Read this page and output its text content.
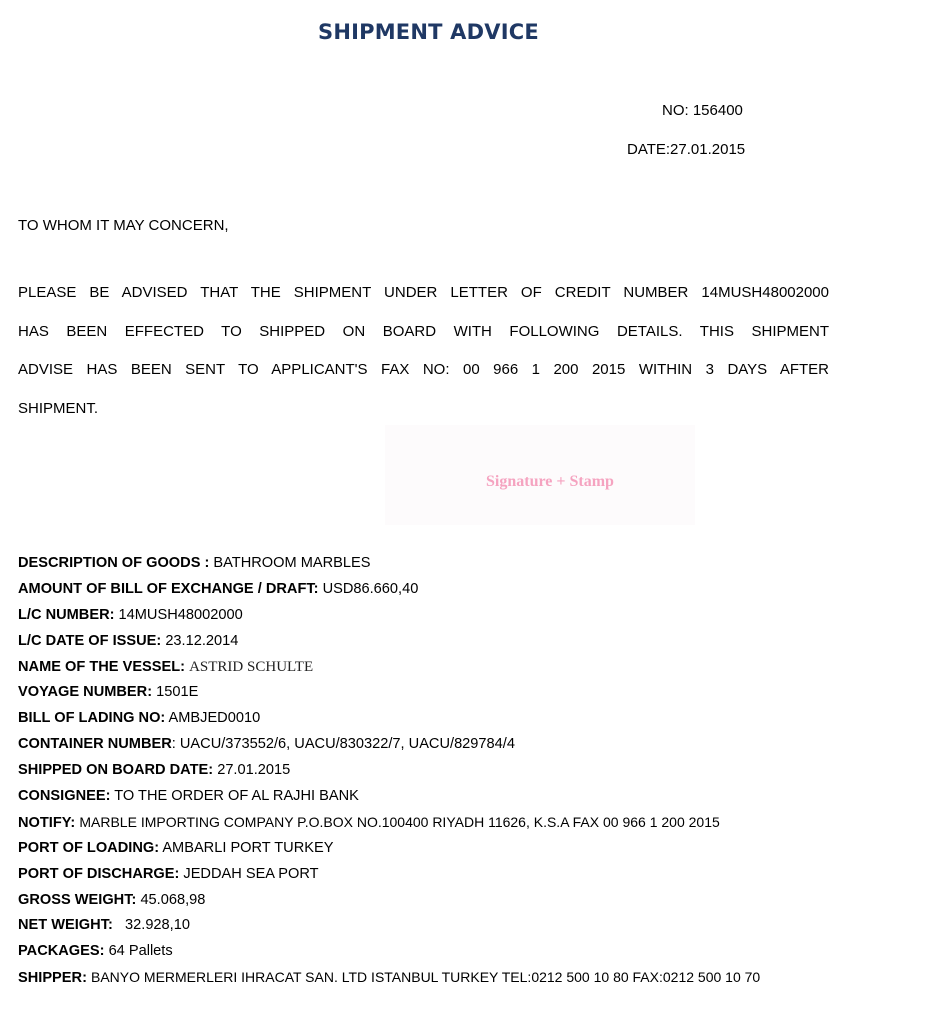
SHIPMENT ADVICE
NO: 156400
DATE:27.01.2015
TO WHOM IT MAY CONCERN,
PLEASE BE ADVISED THAT THE SHIPMENT UNDER LETTER OF CREDIT NUMBER 14MUSH48002000
HAS BEEN EFFECTED TO SHIPPED ON BOARD WITH FOLLOWING DETAILS. THIS SHIPMENT
ADVISE HAS BEEN SENT TO APPLICANT'S FAX NO: 00 966 1 200 2015 WITHIN 3 DAYS AFTER
SHIPMENT.
Signature + Stamp
DESCRIPTION OF GOODS : BATHROOM MARBLES
AMOUNT OF BILL OF EXCHANGE / DRAFT: USD86.660,40
L/C NUMBER: 14MUSH48002000
L/C DATE OF ISSUE: 23.12.2014
NAME OF THE VESSEL: ASTRID SCHULTE
VOYAGE NUMBER: 1501E
BILL OF LADING NO: AMBJED0010
CONTAINER NUMBER: UACU/373552/6, UACU/830322/7, UACU/829784/4
SHIPPED ON BOARD DATE: 27.01.2015
CONSIGNEE: TO THE ORDER OF AL RAJHI BANK
NOTIFY: MARBLE IMPORTING COMPANY P.O.BOX NO.100400 RIYADH 11626, K.S.A FAX 00 966 1 200 2015
PORT OF LOADING: AMBARLI PORT TURKEY
PORT OF DISCHARGE: JEDDAH SEA PORT
GROSS WEIGHT: 45.068,98
NET WEIGHT: 32.928,10
PACKAGES: 64 Pallets
SHIPPER: BANYO MERMERLERI IHRACAT SAN. LTD ISTANBUL TURKEY TEL:0212 500 10 80 FAX:0212 500 10 70
